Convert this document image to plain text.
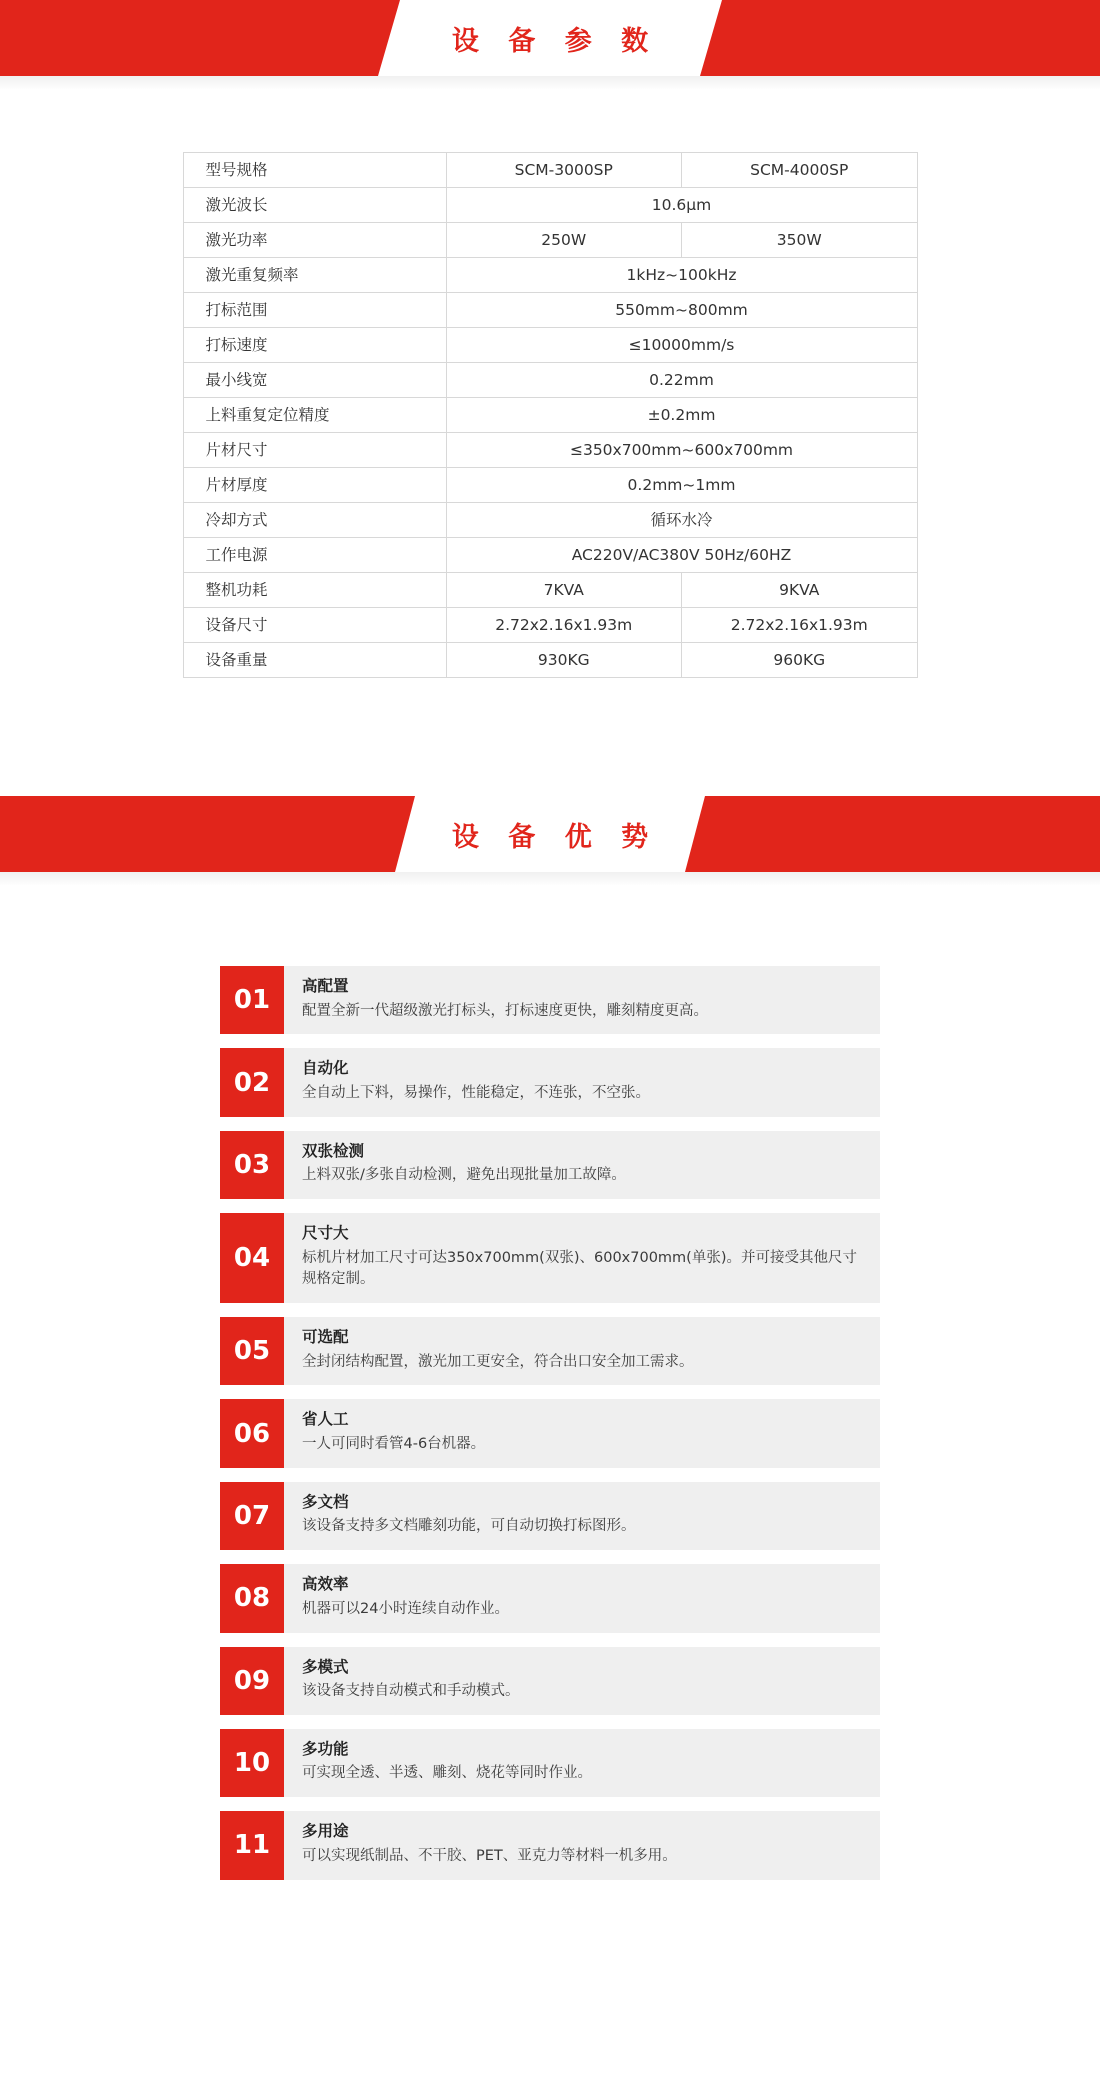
设 备 参 数
型号规格	SCM-3000SP	SCM-4000SP
激光波长	10.6μm	
激光功率	250W	350W
激光重复频率	1kHz~100kHz	
打标范围	550mm~800mm	
打标速度	≤10000mm/s	
最小线宽	0.22mm	
上料重复定位精度	±0.2mm	
片材尺寸	≤350x700mm~600x700mm	
片材厚度	0.2mm~1mm	
冷却方式	循环水冷	
工作电源	AC220V/AC380V 50Hz/60HZ	
整机功耗	7KVA	9KVA
设备尺寸	2.72x2.16x1.93m	2.72x2.16x1.93m
设备重量	930KG	960KG
设 备 优 势
01	高配置
配置全新一代超级激光打标头，打标速度更快，雕刻精度更高。
02	自动化
全自动上下料，易操作，性能稳定，不连张，不空张。
03	双张检测
上料双张/多张自动检测，避免出现批量加工故障。
04
尺寸大
标机片材加工尺寸可达350x700mm(双张)、600x700mm(单张)。并可接受其他尺寸规格定制。
05	可选配
全封闭结构配置，激光加工更安全，符合出口安全加工需求。
06	省人工
一人可同时看管4-6台机器。
07	多文档
该设备支持多文档雕刻功能，可自动切换打标图形。
08	高效率
机器可以24小时连续自动作业。
09	多模式
该设备支持自动模式和手动模式。
10	多功能
可实现全透、半透、雕刻、烧花等同时作业。
11	多用途
可以实现纸制品、不干胶、PET、亚克力等材料一机多用。
